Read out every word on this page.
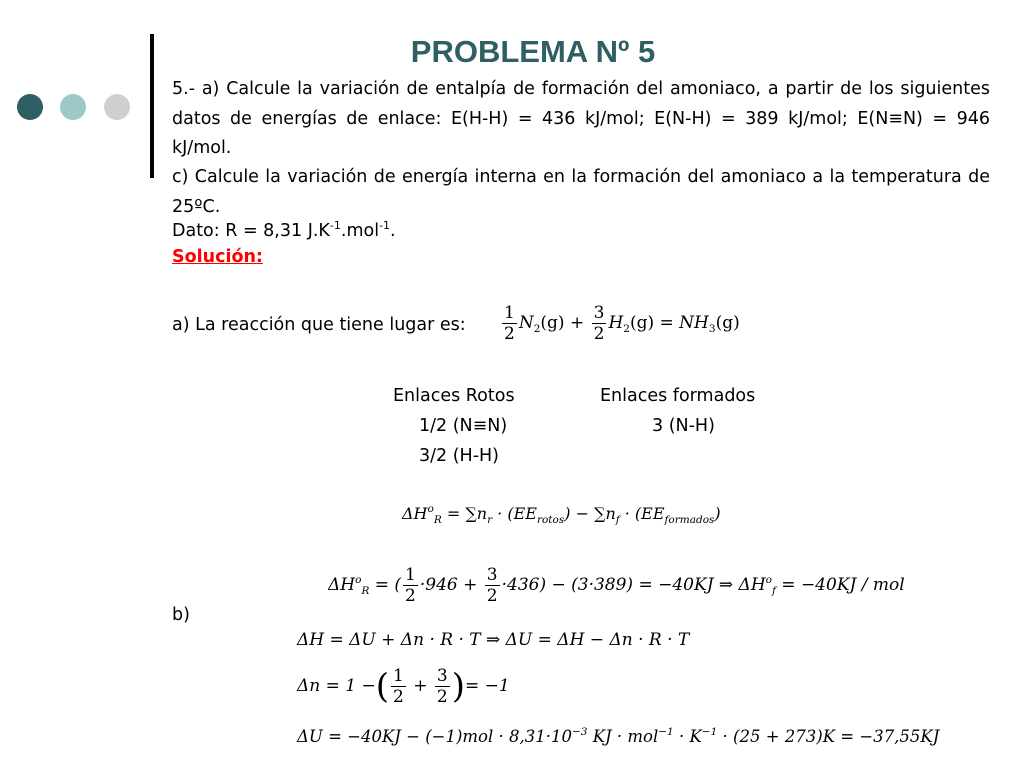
PROBLEMA Nº 5
5.- a) Calcule la variación de entalpía de formación del amoniaco, a partir de los siguientes datos de energías de enlace: E(H-H) = 436 kJ/mol; E(N-H) = 389 kJ/mol; E(N≡N) = 946 kJ/mol.
c) Calcule la variación de energía interna en la formación del amoniaco a la temperatura de 25ºC.
Dato: R = 8,31 $J.K^{-1}.mol^{-1}$.
Solución:
a) La reacción que tiene lugar es: $\frac{1}{2} N_2(g) + \frac{3}{2} H_2(g) = NH_3(g)$
Enlaces Rotos	Enlaces formados
1/2 (N≡N)	3 (N-H)
3/2 (H-H)
$\Delta H^o_R = \sum n_r \cdot (EE_{rotos}) - \sum n_f \cdot (EE_{formados})$
$\Delta H^o_R$ = ( $\frac{1}{2} \cdot 946 + \frac{3}{2} \cdot 436) - (3\cdot 389) = -40KJ$ ⇒ $\Delta H^o_f = -40KJ$ / mol
b)
ΔH = ΔU + Δn · R · T ⇒ ΔU = ΔH − Δn · R · T
Δn = 1 −( $\frac{1}{2} + \frac{3}{2}$ )= −1
$\Delta U = -40KJ - (-1)mol \cdot 8,31\cdot 10^{-3}$ KJ · $mol^{-1} \cdot K^{-1} \cdot (25 + 273)K = -37,55KJ$
